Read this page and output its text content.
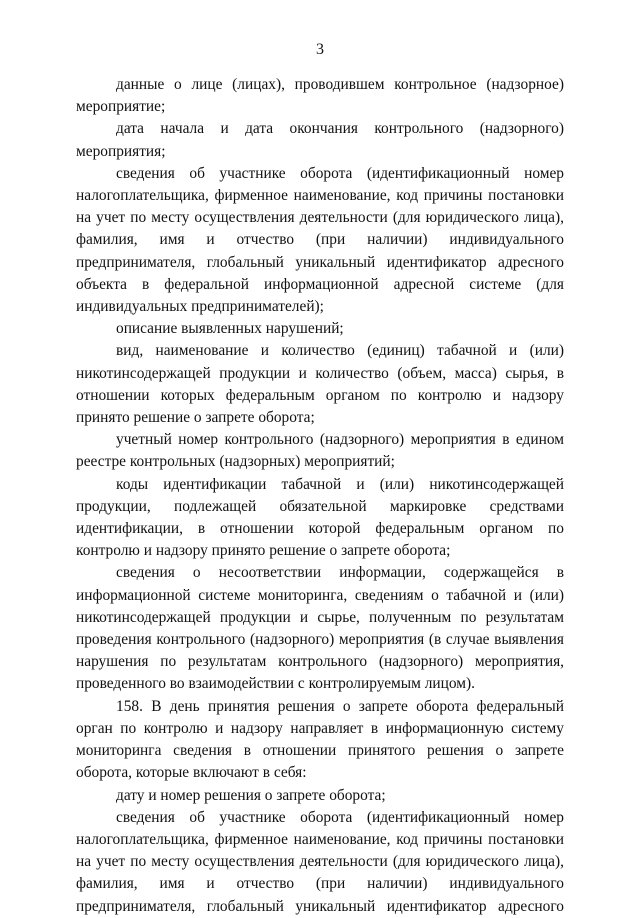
3

данные о лице (лицах), проводившем контрольное (надзорное) мероприятие;

дата начала и дата окончания контрольного (надзорного) мероприятия;

сведения об участнике оборота (идентификационный номер налогоплательщика, фирменное наименование, код причины постановки на учет по месту осуществления деятельности (для юридического лица), фамилия, имя и отчество (при наличии) индивидуального предпринимателя, глобальный уникальный идентификатор адресного объекта в федеральной информационной адресной системе (для индивидуальных предпринимателей);

описание выявленных нарушений;

вид, наименование и количество (единиц) табачной и (или) никотинсодержащей продукции и количество (объем, масса) сырья, в отношении которых федеральным органом по контролю и надзору принято решение о запрете оборота;

учетный номер контрольного (надзорного) мероприятия в едином реестре контрольных (надзорных) мероприятий;

коды идентификации табачной и (или) никотинсодержащей продукции, подлежащей обязательной маркировке средствами идентификации, в отношении которой федеральным органом по контролю и надзору принято решение о запрете оборота;

сведения о несоответствии информации, содержащейся в информационной системе мониторинга, сведениям о табачной и (или) никотинсодержащей продукции и сырье, полученным по результатам проведения контрольного (надзорного) мероприятия (в случае выявления нарушения по результатам контрольного (надзорного) мероприятия, проведенного во взаимодействии с контролируемым лицом).

158. В день принятия решения о запрете оборота федеральный орган по контролю и надзору направляет в информационную систему мониторинга сведения в отношении принятого решения о запрете оборота, которые включают в себя:

дату и номер решения о запрете оборота;

сведения об участнике оборота (идентификационный номер налогоплательщика, фирменное наименование, код причины постановки на учет по месту осуществления деятельности (для юридического лица), фамилия, имя и отчество (при наличии) индивидуального предпринимателя, глобальный уникальный идентификатор адресного
